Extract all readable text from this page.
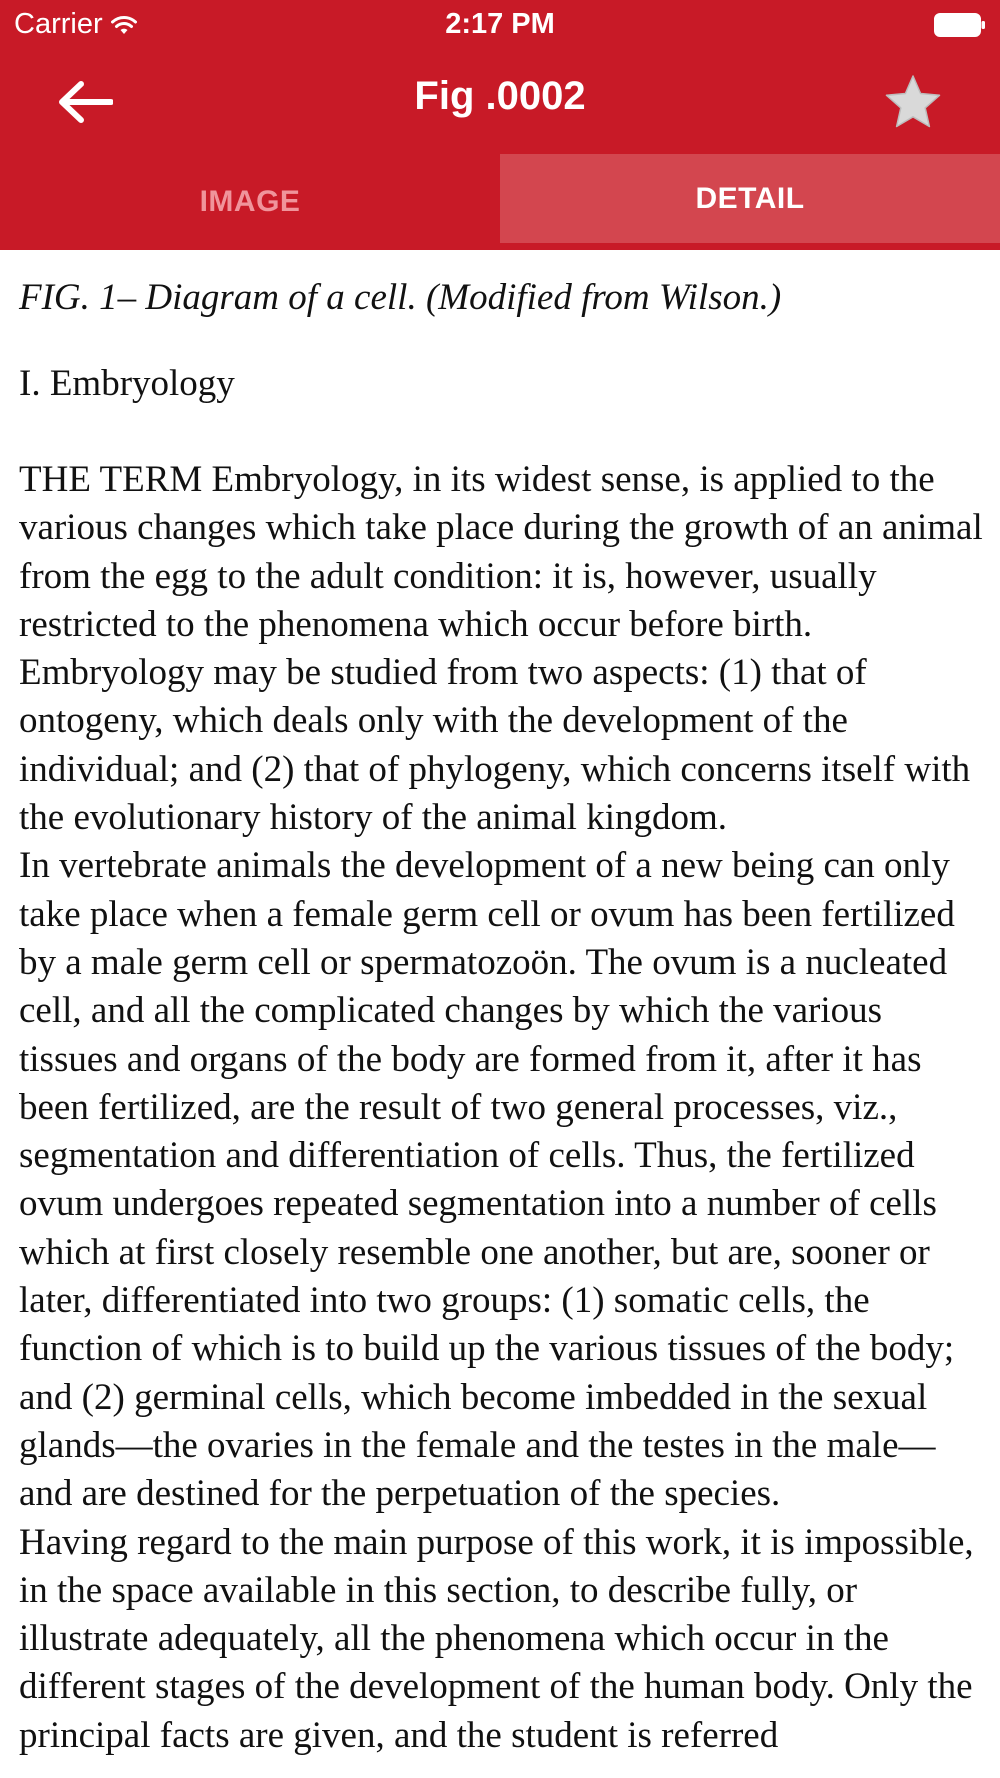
Carrier	2:17 PM
Fig .0002
IMAGE	DETAIL
FIG. 1– Diagram of a cell. (Modified from Wilson.)
I. Embryology

THE TERM Embryology, in its widest sense, is applied to the various changes which take place during the growth of an animal from the egg to the adult condition: it is, however, usually restricted to the phenomena which occur before birth. Embryology may be studied from two aspects: (1) that of ontogeny, which deals only with the development of the individual; and (2) that of phylogeny, which concerns itself with the evolutionary history of the animal kingdom.

In vertebrate animals the development of a new being can only take place when a female germ cell or ovum has been fertilized by a male germ cell or spermatozoön. The ovum is a nucleated cell, and all the complicated changes by which the various tissues and organs of the body are formed from it, after it has been fertilized, are the result of two general processes, viz., segmentation and differentiation of cells. Thus, the fertilized ovum undergoes repeated segmentation into a number of cells which at first closely resemble one another, but are, sooner or later, differentiated into two groups: (1) somatic cells, the function of which is to build up the various tissues of the body; and (2) germinal cells, which become imbedded in the sexual glands—the ovaries in the female and the testes in the male—and are destined for the perpetuation of the species.

Having regard to the main purpose of this work, it is impossible, in the space available in this section, to describe fully, or illustrate adequately, all the phenomena which occur in the different stages of the development of the human body. Only the principal facts are given, and the student is referred
